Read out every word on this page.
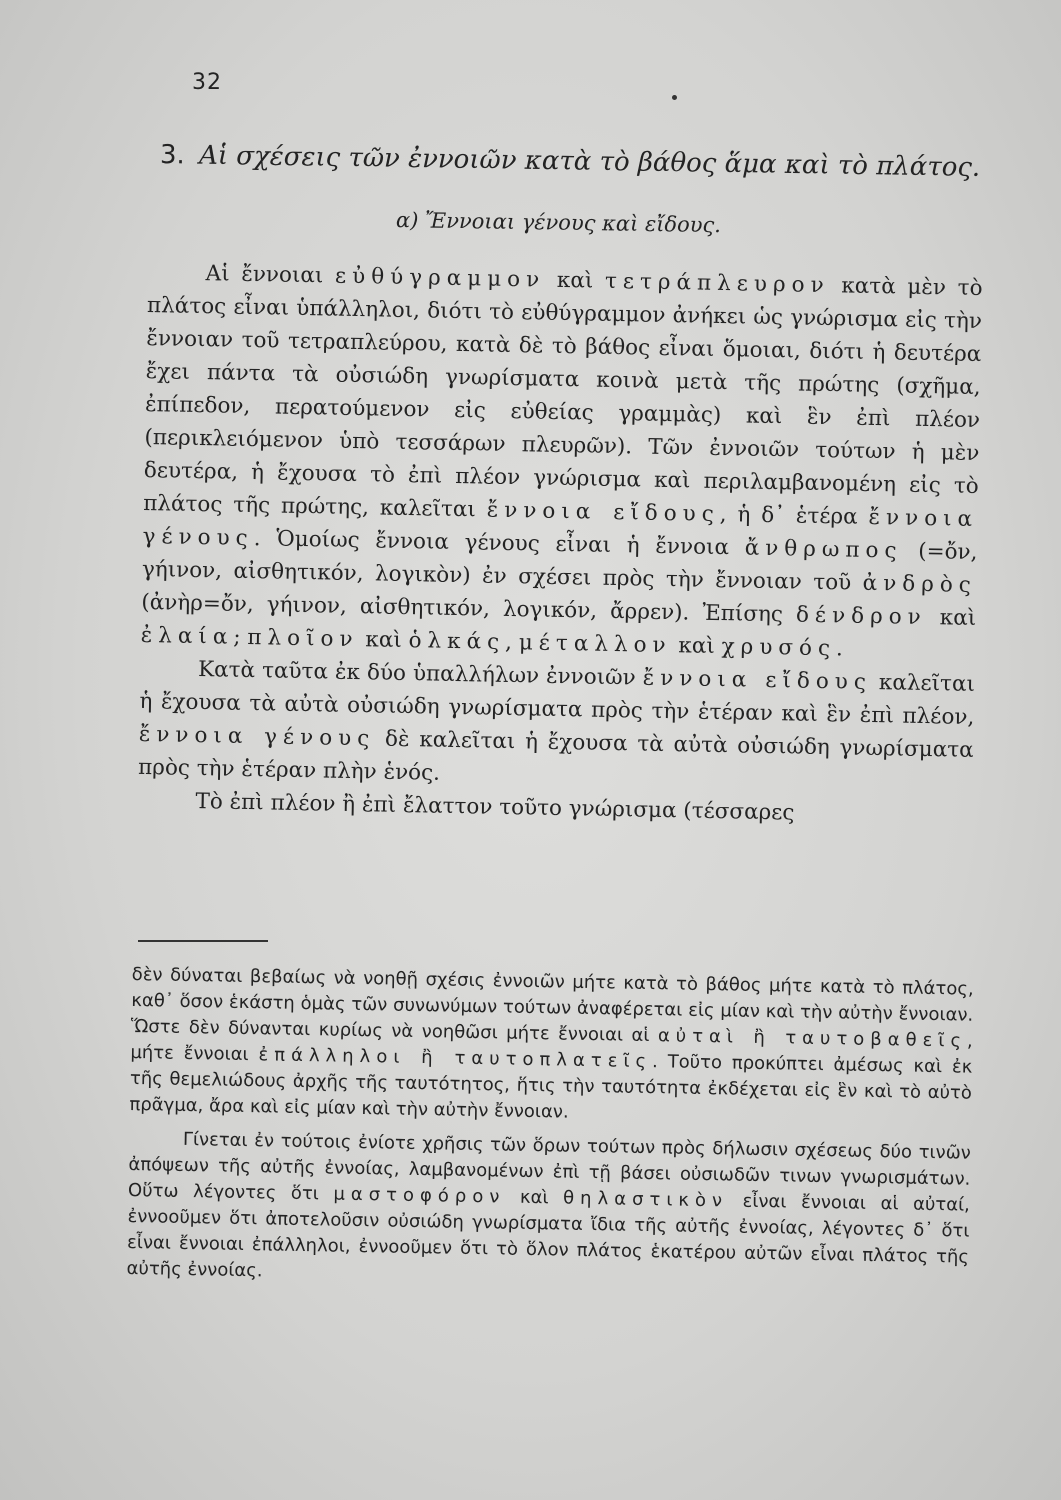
32
3. Αἱ σχέσεις τῶν ἐννοιῶν κατὰ τὸ βάθος ἅμα καὶ τὸ πλάτος.
α) Ἔννοιαι γένους καὶ εἴδους.

Αἱ ἔννοιαι εὐθύγραμμον καὶ τετράπλευρον κατὰ μὲν τὸ πλάτος εἶναι ὑπάλληλοι, διότι τὸ εὐθύγραμμον ἀνήκει ὡς γνώρισμα εἰς τὴν ἔννοιαν τοῦ τετραπλεύρου, κατὰ δὲ τὸ βάθος εἶναι ὅμοιαι, διότι ἡ δευτέρα ἔχει πάντα τὰ οὐσιώδη γνωρίσματα κοινὰ μετὰ τῆς πρώτης (σχῆμα, ἐπίπεδον, περατούμενον εἰς εὐθείας γραμμὰς) καὶ ἓν ἐπὶ πλέον (περικλειόμενον ὑπὸ τεσσάρων πλευρῶν). Τῶν ἐννοιῶν τούτων ἡ μὲν δευτέρα, ἡ ἔχουσα τὸ ἐπὶ πλέον γνώρισμα καὶ περιλαμβανομένη εἰς τὸ πλάτος τῆς πρώτης, καλεῖται ἔννοια εἴδους, ἡ δ᾿ ἑτέρα ἔννοια γένους. Ὁμοίως ἔννοια γένους εἶναι ἡ ἔννοια ἄνθρωπος (=ὄν, γήινον, αἰσθητικόν, λογικὸν) ἐν σχέσει πρὸς τὴν ἔννοιαν τοῦ ἀνδρὸς (ἀνὴρ=ὄν, γήινον, αἰσθητικόν, λογικόν, ἄρρεν). Ἐπίσης δένδρον καὶ ἐλαία; πλοῖον καὶ ὁλκάς, μέταλλον καὶ χρυσός.

Κατὰ ταῦτα ἐκ δύο ὑπαλλήλων ἐννοιῶν ἔννοια εἴδους καλεῖται ἡ ἔχουσα τὰ αὐτὰ οὐσιώδη γνωρίσματα πρὸς τὴν ἑτέραν καὶ ἓν ἐπὶ πλέον, ἔννοια γένους δὲ καλεῖται ἡ ἔχουσα τὰ αὐτὰ οὐσιώδη γνωρίσματα πρὸς τὴν ἑτέραν πλὴν ἑνός.

Τὸ ἐπὶ πλέον ἢ ἐπὶ ἔλαττον τοῦτο γνώρισμα (τέσσαρες

δὲν δύναται βεβαίως νὰ νοηθῇ σχέσις ἐννοιῶν μήτε κατὰ τὸ βάθος μήτε κατὰ τὸ πλάτος, καθ᾿ ὅσον ἑκάστη ὁμὰς τῶν συνωνύμων τούτων ἀναφέρεται εἰς μίαν καὶ τὴν αὐτὴν ἔννοιαν. Ὥστε δὲν δύνανται κυρίως νὰ νοηθῶσι μήτε ἔννοιαι αἱ αὐταὶ ἢ ταυτοβαθεῖς, μήτε ἔννοιαι ἐπάλληλοι ἢ ταυτοπλατεῖς. Τοῦτο προκύπτει ἀμέσως καὶ ἐκ τῆς θεμελιώδους ἀρχῆς τῆς ταυτότητος, ἥτις τὴν ταυτότητα ἐκδέχεται εἰς ἓν καὶ τὸ αὐτὸ πρᾶγμα, ἄρα καὶ εἰς μίαν καὶ τὴν αὐτὴν ἔννοιαν.

Γίνεται ἐν τούτοις ἐνίοτε χρῆσις τῶν ὅρων τούτων πρὸς δήλωσιν σχέσεως δύο τινῶν ἀπόψεων τῆς αὐτῆς ἐννοίας, λαμβανομένων ἐπὶ τῇ βάσει οὐσιωδῶν τινων γνωρισμάτων. Οὕτω λέγοντες ὅτι μαστοφόρον καὶ θηλαστικὸν εἶναι ἔννοιαι αἱ αὐταί, ἐννοοῦμεν ὅτι ἀποτελοῦσιν οὐσιώδη γνωρίσματα ἴδια τῆς αὐτῆς ἐννοίας, λέγοντες δ᾿ ὅτι εἶναι ἔννοιαι ἐπάλληλοι, ἐννοοῦμεν ὅτι τὸ ὅλον πλάτος ἑκατέρου αὐτῶν εἶναι πλάτος τῆς αὐτῆς ἐννοίας.
